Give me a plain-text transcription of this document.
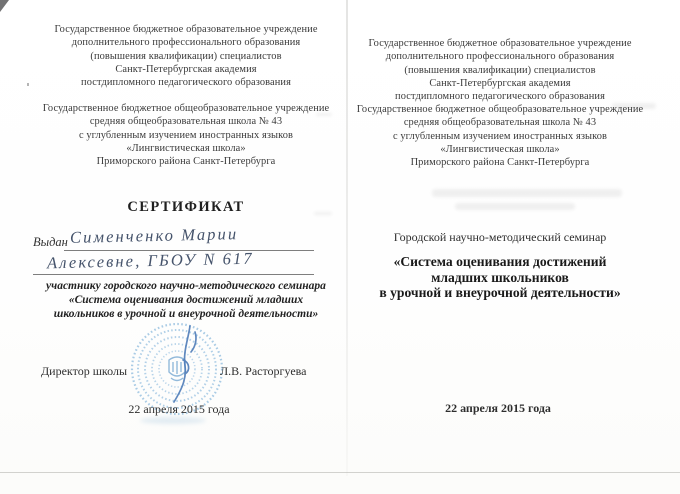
Государственное бюджетное образовательное учреждение
дополнительного профессионального образования
(повышения квалификации) специалистов
Санкт-Петербургская академия
постдипломного педагогического образования
Государственное бюджетное общеобразовательное учреждение
средняя общеобразовательная школа № 43
с углубленным изучением иностранных языков
«Лингвистическая школа»
Приморского района Санкт-Петербурга
СЕРТИФИКАТ
Выдан Сименченко Марии
Алексевне, ГБОУ N 617
участнику городского научно-методического семинара
«Система оценивания достижений младших
школьников в урочной и внеурочной деятельности»
Директор школы	Л.В. Расторгуева
22 апреля 2015 года
Государственное бюджетное образовательное учреждение
дополнительного профессионального образования
(повышения квалификации) специалистов
Санкт-Петербургская академия
постдипломного педагогического образования
Государственное бюджетное общеобразовательное учреждение
средняя общеобразовательная школа № 43
с углубленным изучением иностранных языков
«Лингвистическая школа»
Приморского района Санкт-Петербурга
Городской научно-методический семинар
«Система оценивания достижений
младших школьников
в урочной и внеурочной деятельности»
22 апреля 2015 года
